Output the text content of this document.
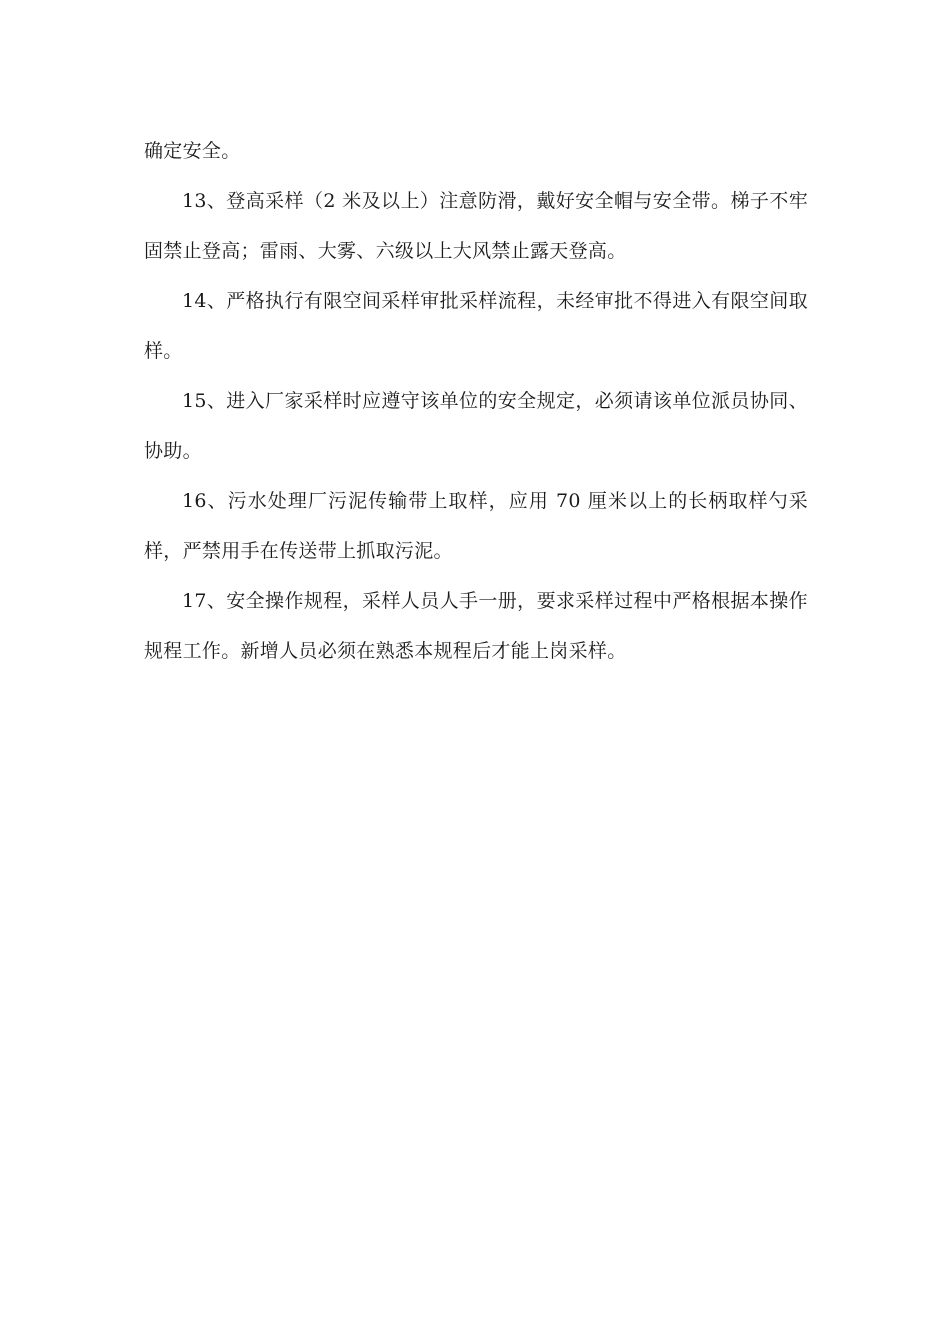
确定安全。

13、登高采样（2 米及以上）注意防滑，戴好安全帽与安全带。梯子不牢固禁止登高；雷雨、大雾、六级以上大风禁止露天登高。

14、严格执行有限空间采样审批采样流程，未经审批不得进入有限空间取样。

15、进入厂家采样时应遵守该单位的安全规定，必须请该单位派员协同、协助。

16、污水处理厂污泥传输带上取样，应用 70 厘米以上的长柄取样勺采样，严禁用手在传送带上抓取污泥。

17、安全操作规程，采样人员人手一册，要求采样过程中严格根据本操作规程工作。新增人员必须在熟悉本规程后才能上岗采样。
